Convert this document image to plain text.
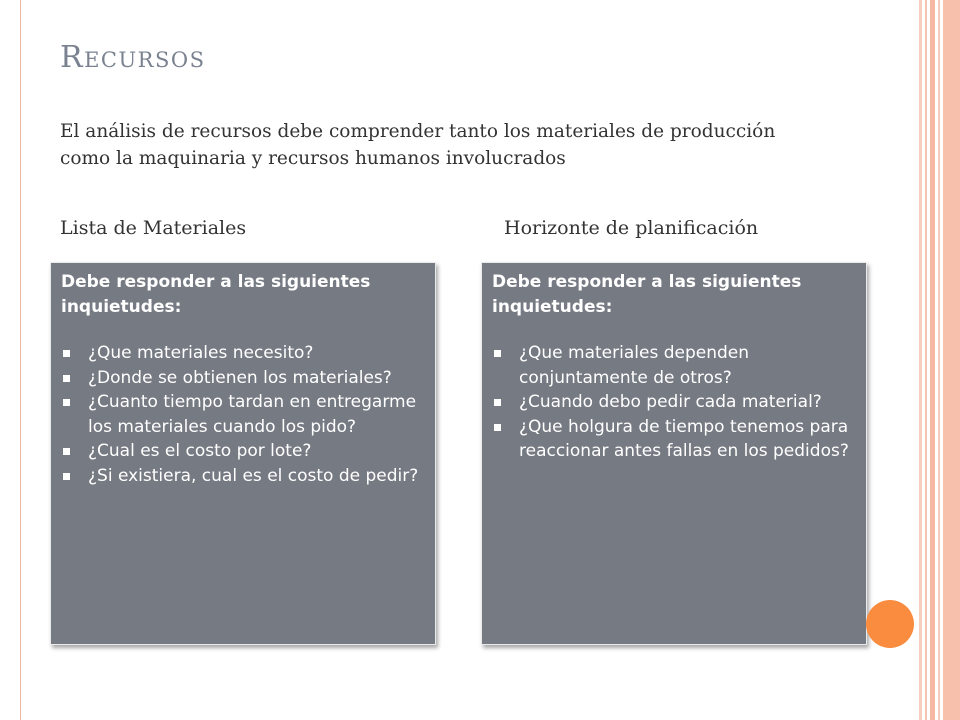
Recursos
El análisis de recursos debe comprender tanto los materiales de producción como la maquinaria y recursos humanos involucrados
Lista de Materiales	Horizonte de planificación
Debe responder a las siguientes inquietudes:
¿Que materiales necesito?
¿Donde se obtienen los materiales?
¿Cuanto tiempo tardan en entregarme los materiales cuando los pido?
¿Cual es el costo por lote?
¿Si existiera, cual es el costo de pedir?
Debe responder a las siguientes inquietudes:
¿Que materiales dependen conjuntamente de otros?
¿Cuando debo pedir cada material?
¿Que holgura de tiempo tenemos para reaccionar antes fallas en los pedidos?
